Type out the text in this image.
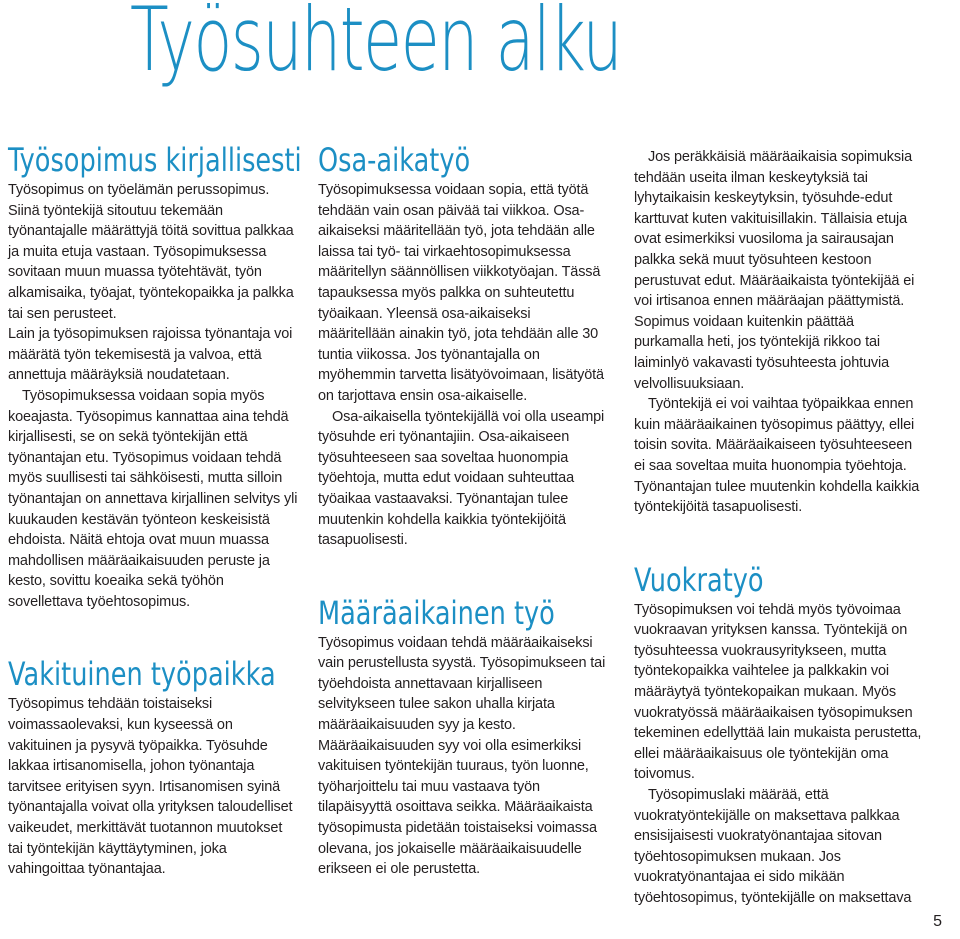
Työsuhteen alku
Työsopimus kirjallisesti

Työsopimus on työelämän perussopimus. Siinä työntekijä sitoutuu tekemään työnantajalle määrättyjä töitä sovittua palkkaa ja muita etuja vastaan. Työsopimuksessa sovitaan muun muassa työtehtävät, työn alkamisaika, työajat, työntekopaikka ja palkka tai sen perusteet.

Lain ja työsopimuksen rajoissa työnantaja voi määrätä työn tekemisestä ja valvoa, että annettuja määräyksiä noudatetaan.

Työsopimuksessa voidaan sopia myös koeajasta. Työsopimus kannattaa aina tehdä kirjallisesti, se on sekä työntekijän että työnantajan etu. Työsopimus voidaan tehdä myös suullisesti tai sähköisesti, mutta silloin työnantajan on annettava kirjallinen selvitys yli kuukauden kestävän työnteon keskeisistä ehdoista. Näitä ehtoja ovat muun muassa mahdollisen määräaikaisuuden peruste ja kesto, sovittu koeaika sekä työhön sovellettava työehtosopimus.

Vakituinen työpaikka

Työsopimus tehdään toistaiseksi voimassaolevaksi, kun kyseessä on vakituinen ja pysyvä työpaikka. Työsuhde lakkaa irtisanomisella, johon työnantaja tarvitsee erityisen syyn. Irtisanomisen syinä työnantajalla voivat olla yrityksen taloudelliset vaikeudet, merkittävät tuotannon muutokset tai työntekijän käyttäytyminen, joka vahingoittaa työnantajaa.

Osa-aikatyö

Työsopimuksessa voidaan sopia, että työtä tehdään vain osan päivää tai viikkoa. Osa-aikaiseksi määritellään työ, jota tehdään alle laissa tai työ- tai virkaehtosopimuksessa määritellyn säännöllisen viikkotyöajan. Tässä tapauksessa myös palkka on suhteutettu työaikaan. Yleensä osa-aikaiseksi määritellään ainakin työ, jota tehdään alle 30 tuntia viikossa. Jos työnantajalla on myöhemmin tarvetta lisätyövoimaan, lisätyötä on tarjottava ensin osa-aikaiselle.

Osa-aikaisella työntekijällä voi olla useampi työsuhde eri työnantajiin. Osa-aikaiseen työsuhteeseen saa soveltaa huonompia työehtoja, mutta edut voidaan suhteuttaa työaikaa vastaavaksi. Työnantajan tulee muutenkin kohdella kaikkia työntekijöitä tasapuolisesti.

Määräaikainen työ

Työsopimus voidaan tehdä määräaikaiseksi vain perustellusta syystä. Työsopimukseen tai työehdoista annettavaan kirjalliseen selvitykseen tulee sakon uhalla kirjata määräaikaisuuden syy ja kesto. Määräaikaisuuden syy voi olla esimerkiksi vakituisen työntekijän tuuraus, työn luonne, työharjoittelu tai muu vastaava työn tilapäisyyttä osoittava seikka. Määräaikaista työsopimusta pidetään toistaiseksi voimassa olevana, jos jokaiselle määräaikaisuudelle erikseen ei ole perustetta.

Jos peräkkäisiä määräaikaisia sopimuksia tehdään useita ilman keskeytyksiä tai lyhytaikaisin keskeytyksin, työsuhde-edut karttuvat kuten vakituisillakin. Tällaisia etuja ovat esimerkiksi vuosiloma ja sairausajan palkka sekä muut työsuhteen kestoon perustuvat edut. Määräaikaista työntekijää ei voi irtisanoa ennen määräajan päättymistä. Sopimus voidaan kuitenkin päättää purkamalla heti, jos työntekijä rikkoo tai laiminlyö vakavasti työsuhteesta johtuvia velvollisuuksiaan.

Työntekijä ei voi vaihtaa työpaikkaa ennen kuin määräaikainen työsopimus päättyy, ellei toisin sovita. Määräaikaiseen työsuhteeseen ei saa soveltaa muita huonompia työehtoja. Työnantajan tulee muutenkin kohdella kaikkia työntekijöitä tasapuolisesti.

Vuokratyö

Työsopimuksen voi tehdä myös työvoimaa vuokraavan yrityksen kanssa. Työntekijä on työsuhteessa vuokrausyritykseen, mutta työntekopaikka vaihtelee ja palkkakin voi määräytyä työntekopaikan mukaan. Myös vuokratyössä määräaikaisen työsopimuksen tekeminen edellyttää lain mukaista perustetta, ellei määräaikaisuus ole työntekijän oma toivomus.

Työsopimuslaki määrää, että vuokratyöntekijälle on maksettava palkkaa ensisijaisesti vuokratyönantajaa sitovan työehtosopimuksen mukaan. Jos vuokratyönantajaa ei sido mikään työehtosopimus, työntekijälle on maksettava

5
